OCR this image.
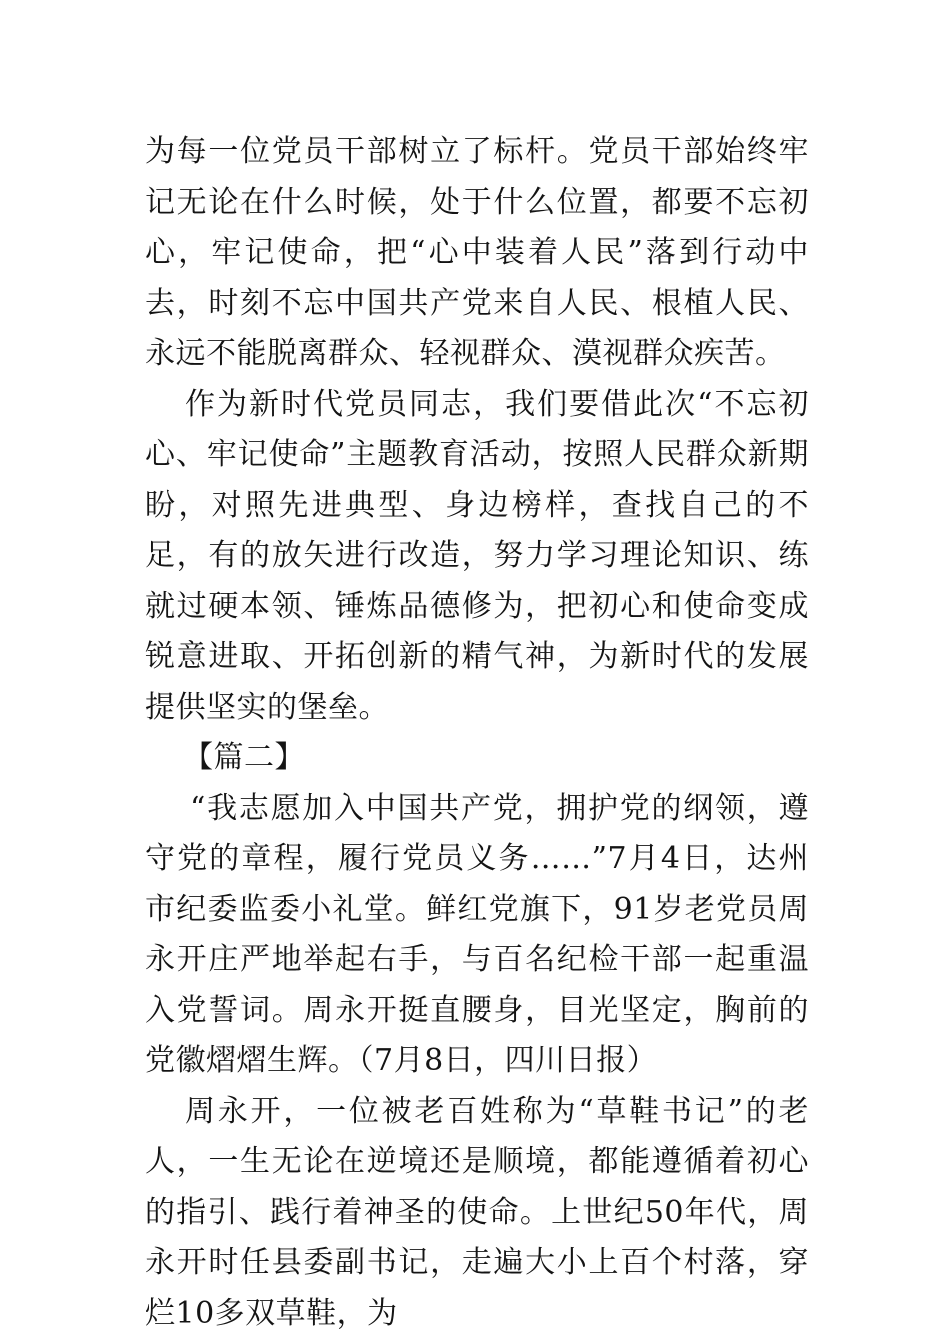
为每一位党员干部树立了标杆。党员干部始终牢记无论在什么时候，处于什么位置，都要不忘初心，牢记使命，把“心中装着人民”落到行动中去，时刻不忘中国共产党来自人民、根植人民、永远不能脱离群众、轻视群众、漠视群众疾苦。

作为新时代党员同志，我们要借此次“不忘初心、牢记使命”主题教育活动，按照人民群众新期盼，对照先进典型、身边榜样，查找自己的不足，有的放矢进行改造，努力学习理论知识、练就过硬本领、锤炼品德修为，把初心和使命变成锐意进取、开拓创新的精气神，为新时代的发展提供坚实的堡垒。

【篇二】

“我志愿加入中国共产党，拥护党的纲领，遵守党的章程，履行党员义务……”7月4日，达州市纪委监委小礼堂。鲜红党旗下，91岁老党员周永开庄严地举起右手，与百名纪检干部一起重温入党誓词。周永开挺直腰身，目光坚定，胸前的党徽熠熠生辉。（7月8日，四川日报）

周永开，一位被老百姓称为“草鞋书记”的老人，一生无论在逆境还是顺境，都能遵循着初心的指引、践行着神圣的使命。上世纪50年代，周永开时任县委副书记，走遍大小上百个村落，穿烂10多双草鞋，为
